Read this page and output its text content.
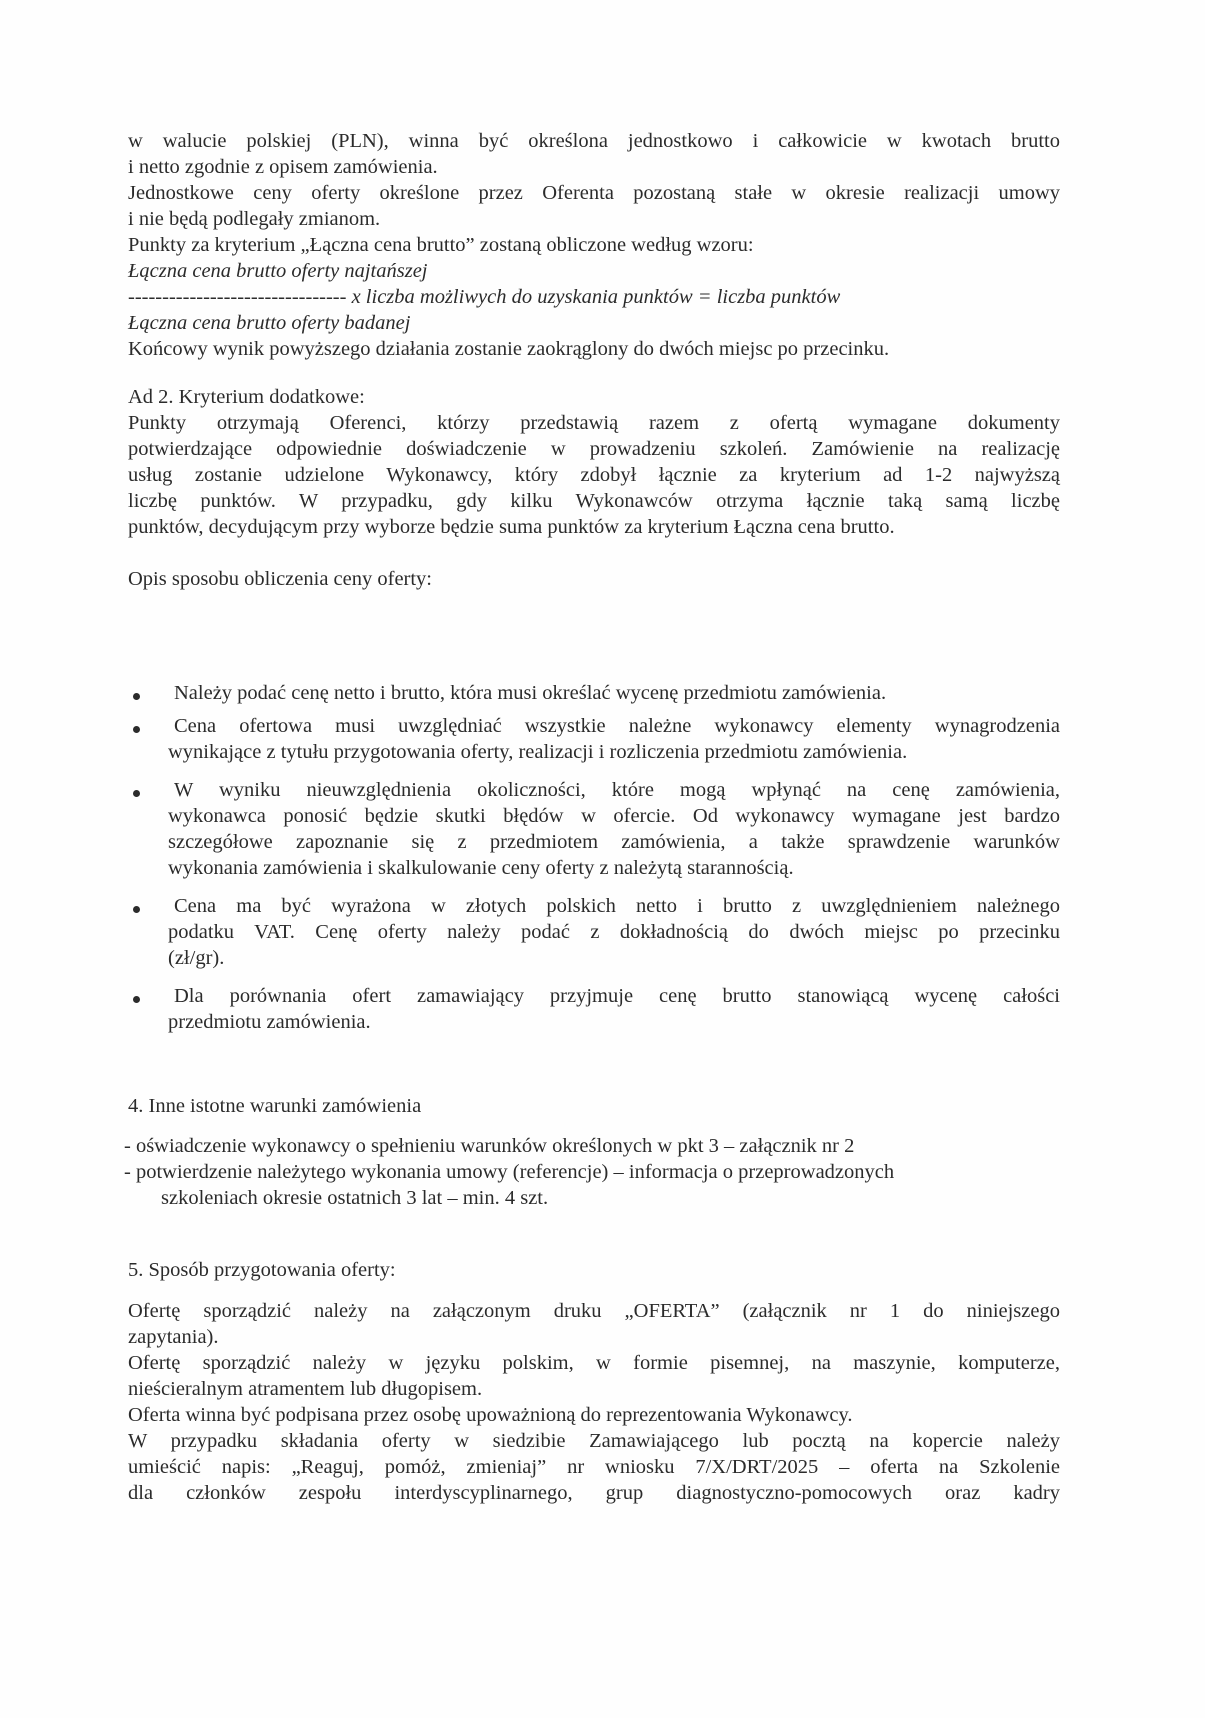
w walucie polskiej (PLN), winna być określona jednostkowo i całkowicie w kwotach brutto
i netto zgodnie z opisem zamówienia.
Jednostkowe ceny oferty określone przez Oferenta pozostaną stałe w okresie realizacji umowy
i nie będą podlegały zmianom.
Punkty za kryterium „Łączna cena brutto” zostaną obliczone według wzoru:
Łączna cena brutto oferty najtańszej
-------------------------------- x liczba możliwych do uzyskania punktów = liczba punktów
Łączna cena brutto oferty badanej
Końcowy wynik powyższego działania zostanie zaokrąglony do dwóch miejsc po przecinku.
Ad 2. Kryterium dodatkowe:
Punkty otrzymają Oferenci, którzy przedstawią razem z ofertą wymagane dokumenty
potwierdzające odpowiednie doświadczenie w prowadzeniu szkoleń. Zamówienie na realizację
usług zostanie udzielone Wykonawcy, który zdobył łącznie za kryterium ad 1-2 najwyższą
liczbę punktów. W przypadku, gdy kilku Wykonawców otrzyma łącznie taką samą liczbę
punktów, decydującym przy wyborze będzie suma punktów za kryterium Łączna cena brutto.
Opis sposobu obliczenia ceny oferty:
Należy podać cenę netto i brutto, która musi określać wycenę przedmiotu zamówienia.
Cena ofertowa musi uwzględniać wszystkie należne wykonawcy elementy wynagrodzenia
wynikające z tytułu przygotowania oferty, realizacji i rozliczenia przedmiotu zamówienia.
W wyniku nieuwzględnienia okoliczności, które mogą wpłynąć na cenę zamówienia,
wykonawca ponosić będzie skutki błędów w ofercie. Od wykonawcy wymagane jest bardzo
szczegółowe zapoznanie się z przedmiotem zamówienia, a także sprawdzenie warunków
wykonania zamówienia i skalkulowanie ceny oferty z należytą starannością.
Cena ma być wyrażona w złotych polskich netto i brutto z uwzględnieniem należnego
podatku VAT. Cenę oferty należy podać z dokładnością do dwóch miejsc po przecinku
(zł/gr).
Dla porównania ofert zamawiający przyjmuje cenę brutto stanowiącą wycenę całości
przedmiotu zamówienia.
4. Inne istotne warunki zamówienia
- oświadczenie wykonawcy o spełnieniu warunków określonych w pkt 3 – załącznik nr 2
- potwierdzenie należytego wykonania umowy (referencje) – informacja o przeprowadzonych
szkoleniach okresie ostatnich 3 lat – min. 4 szt.
5. Sposób przygotowania oferty:
Ofertę sporządzić należy na załączonym druku „OFERTA” (załącznik nr 1 do niniejszego
zapytania).
Ofertę sporządzić należy w języku polskim, w formie pisemnej, na maszynie, komputerze,
nieścieralnym atramentem lub długopisem.
Oferta winna być podpisana przez osobę upoważnioną do reprezentowania Wykonawcy.
W przypadku składania oferty w siedzibie Zamawiającego lub pocztą na kopercie należy
umieścić napis: „Reaguj, pomóż, zmieniaj” nr wniosku 7/X/DRT/2025 – oferta na Szkolenie
dla członków zespołu interdyscyplinarnego, grup diagnostyczno-pomocowych oraz kadry
